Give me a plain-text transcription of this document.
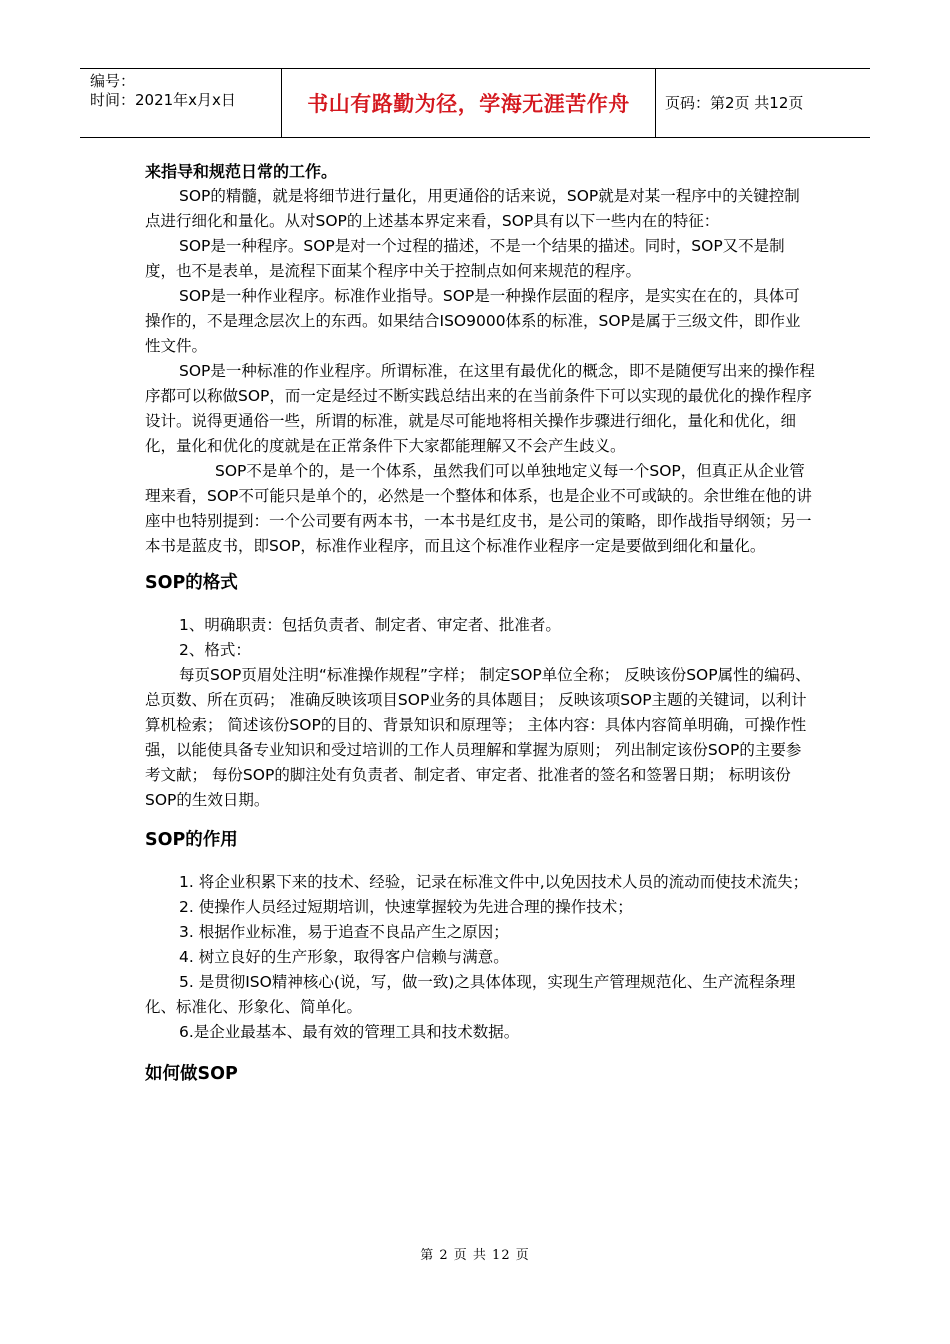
编号：
时间：2021年x月x日	书山有路勤为径，学海无涯苦作舟	页码：第2页 共12页

来指导和规范日常的工作。

SOP的精髓，就是将细节进行量化，用更通俗的话来说，SOP就是对某一程序中的关键控制点进行细化和量化。从对SOP的上述基本界定来看，SOP具有以下一些内在的特征：

SOP是一种程序。SOP是对一个过程的描述，不是一个结果的描述。同时，SOP又不是制度，也不是表单，是流程下面某个程序中关于控制点如何来规范的程序。

SOP是一种作业程序。标准作业指导。SOP是一种操作层面的程序，是实实在在的，具体可操作的，不是理念层次上的东西。如果结合ISO9000体系的标准，SOP是属于三级文件，即作业性文件。

SOP是一种标准的作业程序。所谓标准，在这里有最优化的概念，即不是随便写出来的操作程序都可以称做SOP，而一定是经过不断实践总结出来的在当前条件下可以实现的最优化的操作程序设计。说得更通俗一些，所谓的标准，就是尽可能地将相关操作步骤进行细化，量化和优化，细化，量化和优化的度就是在正常条件下大家都能理解又不会产生歧义。

SOP不是单个的，是一个体系，虽然我们可以单独地定义每一个SOP，但真正从企业管理来看，SOP不可能只是单个的，必然是一个整体和体系，也是企业不可或缺的。余世维在他的讲座中也特别提到：一个公司要有两本书，一本书是红皮书，是公司的策略，即作战指导纲领；另一本书是蓝皮书，即SOP，标准作业程序，而且这个标准作业程序一定是要做到细化和量化。

SOP的格式

1、明确职责：包括负责者、制定者、审定者、批准者。

2、格式：

每页SOP页眉处注明“标准操作规程”字样； 制定SOP单位全称； 反映该份SOP属性的编码、总页数、所在页码； 准确反映该项目SOP业务的具体题目； 反映该项SOP主题的关键词，以利计算机检索； 简述该份SOP的目的、背景知识和原理等； 主体内容：具体内容简单明确，可操作性强，以能使具备专业知识和受过培训的工作人员理解和掌握为原则； 列出制定该份SOP的主要参考文献； 每份SOP的脚注处有负责者、制定者、审定者、批准者的签名和签署日期； 标明该份SOP的生效日期。

SOP的作用

1. 将企业积累下来的技术、经验，记录在标准文件中,以免因技术人员的流动而使技术流失；

2. 使操作人员经过短期培训，快速掌握较为先进合理的操作技术；

3. 根据作业标准，易于追查不良品产生之原因；

4. 树立良好的生产形象，取得客户信赖与满意。

5. 是贯彻ISO精神核心(说，写，做一致)之具体体现，实现生产管理规范化、生产流程条理化、标准化、形象化、简单化。

6.是企业最基本、最有效的管理工具和技术数据。

如何做SOP
第 2 页 共 12 页
